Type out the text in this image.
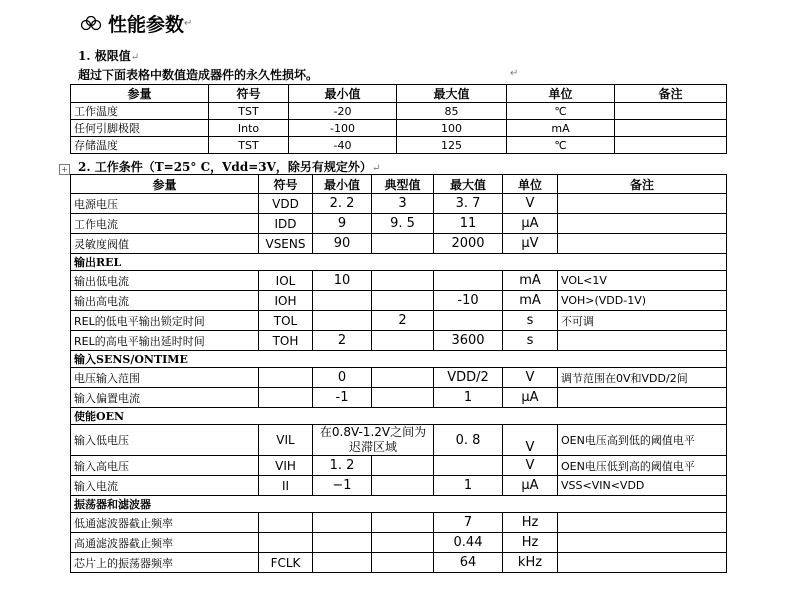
性能参数 ↵
1. 极限值↵
超过下面表格中数值造成器件的永久性损坏。	↵
参量	符号	最小值	最大值	单位	备注
工作温度	TST	-20	85	℃	
任何引脚极限	Into	-100	100	mA	
存储温度	TST	-40	125	℃	
+ 2. 工作条件（T=25° C，Vdd=3V，除另有规定外）↵
参量	符号	最小值	典型值	最大值	单位	备注
电源电压	VDD	2. 2	3	3. 7	V	
工作电流	IDD	9	9. 5	11	μA	
灵敏度阀值	VSENS	90		2000	μV	
输出REL						
输出低电流	IOL	10			mA	VOL<1V
输出高电流	IOH			-10	mA	VOH>(VDD-1V)
REL的低电平输出锁定时间	TOL		2		s	不可调
REL的高电平输出延时时间	TOH	2		3600	s	
输入SENS/ONTIME						
电压输入范围		0		VDD/2	V	调节范围在0V和VDD/2间
输入偏置电流		-1		1	μA	
使能OEN						
输入低电压	VIL	在0.8V-1.2V之间为迟滞区域		0. 8	V	OEN电压高到低的阈值电平
输入高电压	VIH	1. 2			V	OEN电压低到高的阈值电平
输入电流	II	−1		1	μA	VSS<VIN<VDD
振荡器和滤波器						
低通滤波器截止频率				7	Hz	
高通滤波器截止频率				0.44	Hz	
芯片上的振荡器频率	FCLK			64	kHz	
